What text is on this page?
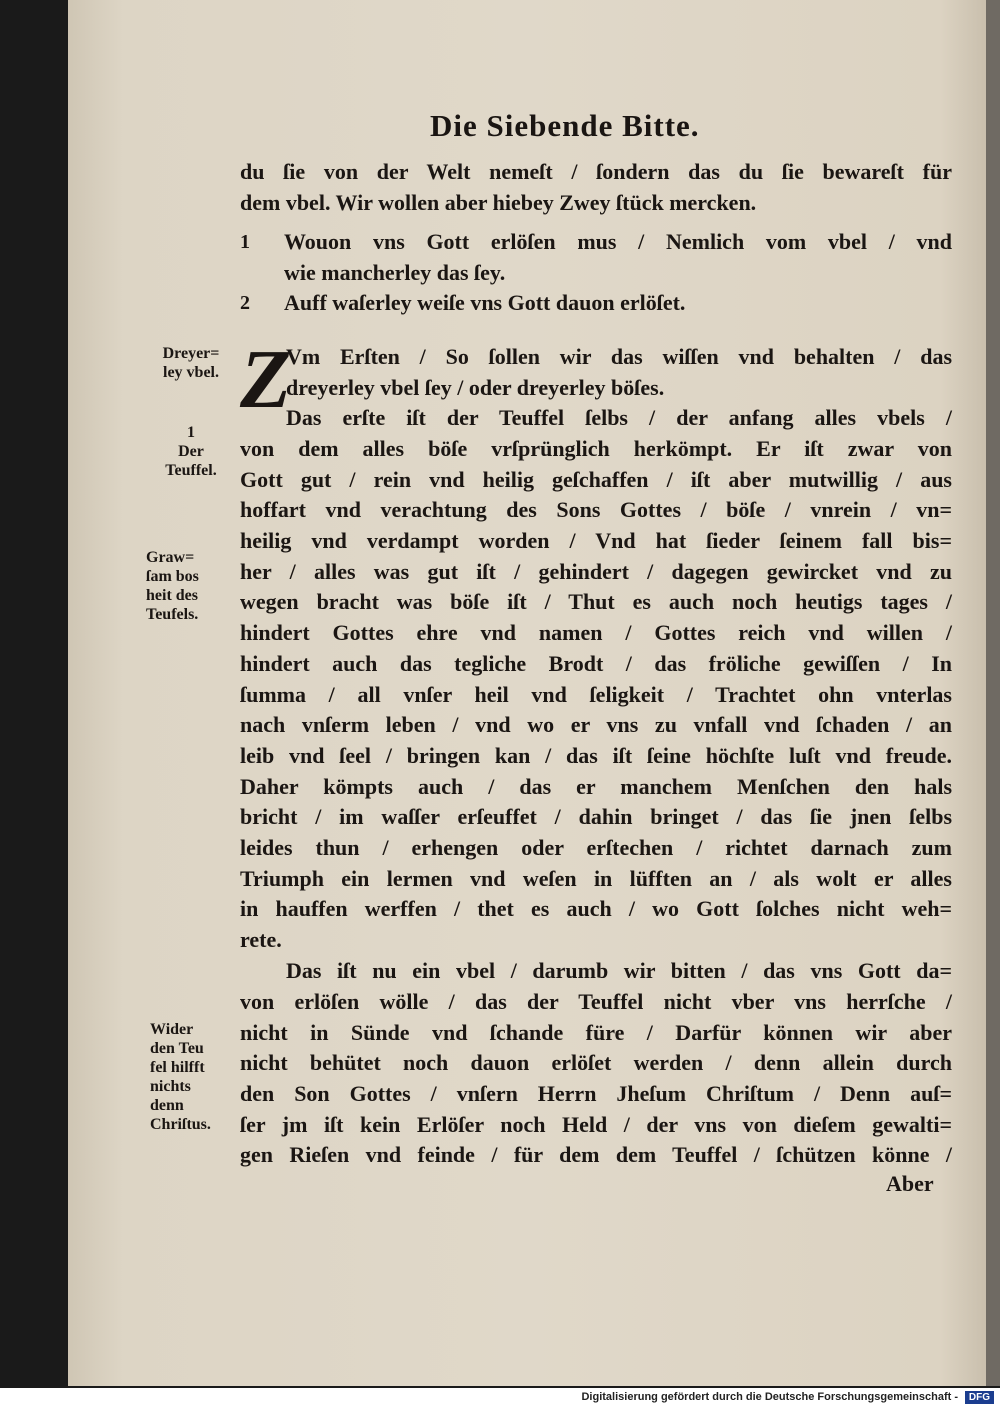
Die Siebende Bitte.
du ſie von der Welt nemeſt / ſondern das du ſie bewareſt für
dem vbel. Wir wollen aber hiebey Zwey ſtück mercken.
1 Wouon vns Gott erlöſen mus / Nemlich vom vbel / vnd
wie mancherley das ſey.
2 Auff waſerley weiſe vns Gott dauon erlöſet.
Z
Vm Erſten / So ſollen wir das wiſſen vnd behalten / das
dreyerley vbel ſey / oder dreyerley böſes.
Das erſte iſt der Teuffel ſelbs / der anfang alles vbels /
von dem alles böſe vrſprünglich herkömpt. Er iſt zwar von
Gott gut / rein vnd heilig geſchaffen / iſt aber mutwillig / aus
hoffart vnd verachtung des Sons Gottes / böſe / vnrein / vn=
heilig vnd verdampt worden / Vnd hat ſieder ſeinem fall bis=
her / alles was gut iſt / gehindert / dagegen gewircket vnd zu
wegen bracht was böſe iſt / Thut es auch noch heutigs tages /
hindert Gottes ehre vnd namen / Gottes reich vnd willen /
hindert auch das tegliche Brodt / das fröliche gewiſſen / In
ſumma / all vnſer heil vnd ſeligkeit / Trachtet ohn vnterlas
nach vnſerm leben / vnd wo er vns zu vnfall vnd ſchaden / an
leib vnd ſeel / bringen kan / das iſt ſeine höchſte luſt vnd freude.
Daher kömpts auch / das er manchem Menſchen den hals
bricht / im waſſer erſeuffet / dahin bringet / das ſie jnen ſelbs
leides thun / erhengen oder erſtechen / richtet darnach zum
Triumph ein lermen vnd weſen in lüfften an / als wolt er alles
in hauffen werffen / thet es auch / wo Gott ſolches nicht weh=
rete.
Das iſt nu ein vbel / darumb wir bitten / das vns Gott da=
von erlöſen wölle / das der Teuffel nicht vber vns herrſche /
nicht in Sünde vnd ſchande füre / Darfür können wir aber
nicht behütet noch dauon erlöſet werden / denn allein durch
den Son Gottes / vnſern Herrn Jheſum Chriſtum / Denn auſ=
ſer jm iſt kein Erlöſer noch Held / der vns von dieſem gewalti=
gen Rieſen vnd feinde / für dem dem Teuffel / ſchützen könne /
Aber
Dreyer=
ley vbel.
1
Der
Teuffel.
Graw=
ſam bos
heit des
Teufels.
Wider
den Teu
fel hilfft
nichts
denn
Chriſtus.
Digitalisierung gefördert durch die Deutsche Forschungsgemeinschaft -	DFG
